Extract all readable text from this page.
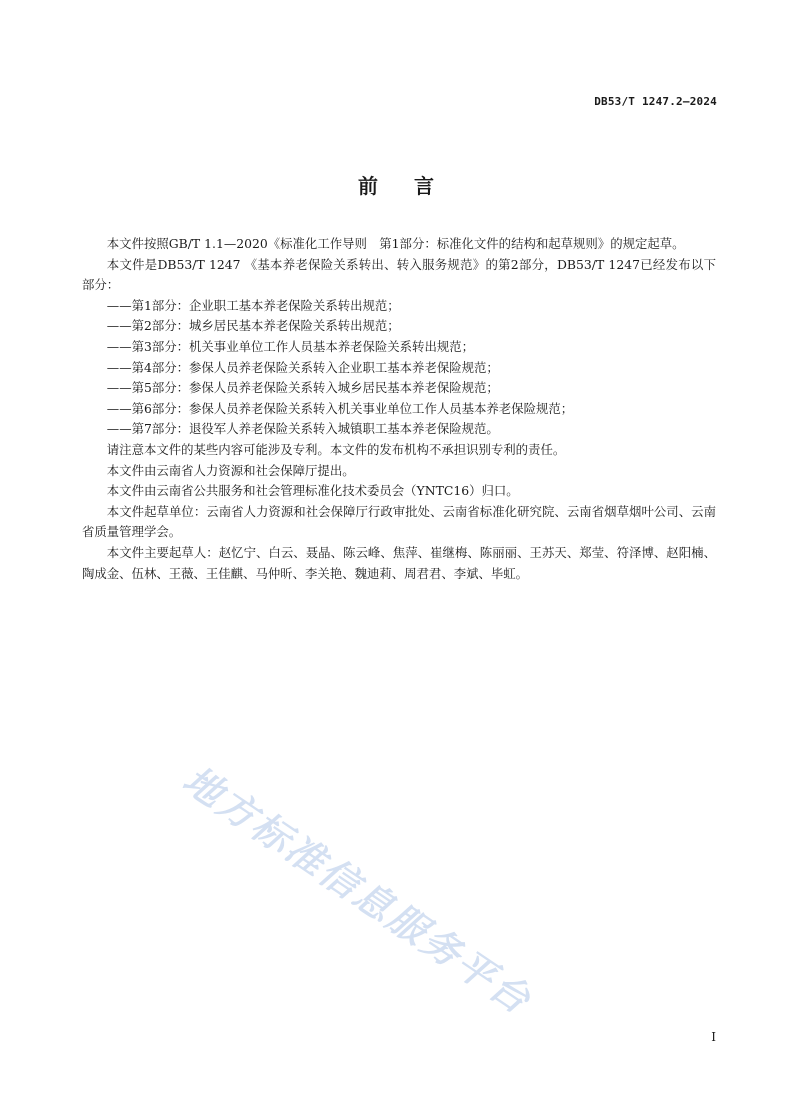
DB53/T 1247.2—2024
前言

本文件按照GB/T 1.1—2020《标准化工作导则　第1部分：标准化文件的结构和起草规则》的规定起草。

本文件是DB53/T 1247 《基本养老保险关系转出、转入服务规范》的第2部分，DB53/T 1247已经发布以下部分：

——第1部分：企业职工基本养老保险关系转出规范；

——第2部分：城乡居民基本养老保险关系转出规范；

——第3部分：机关事业单位工作人员基本养老保险关系转出规范；

——第4部分：参保人员养老保险关系转入企业职工基本养老保险规范；

——第5部分：参保人员养老保险关系转入城乡居民基本养老保险规范；

——第6部分：参保人员养老保险关系转入机关事业单位工作人员基本养老保险规范；

——第7部分：退役军人养老保险关系转入城镇职工基本养老保险规范。

请注意本文件的某些内容可能涉及专利。本文件的发布机构不承担识别专利的责任。

本文件由云南省人力资源和社会保障厅提出。

本文件由云南省公共服务和社会管理标准化技术委员会（YNTC16）归口。

本文件起草单位：云南省人力资源和社会保障厅行政审批处、云南省标准化研究院、云南省烟草烟叶公司、云南省质量管理学会。

本文件主要起草人：赵忆宁、白云、聂晶、陈云峰、焦萍、崔继梅、陈丽丽、王苏天、郑莹、符泽博、赵阳楠、陶成金、伍林、王薇、王佳麒、马仲昕、李关艳、魏迪莉、周君君、李斌、毕虹。

地方标准信息服务平台
I
